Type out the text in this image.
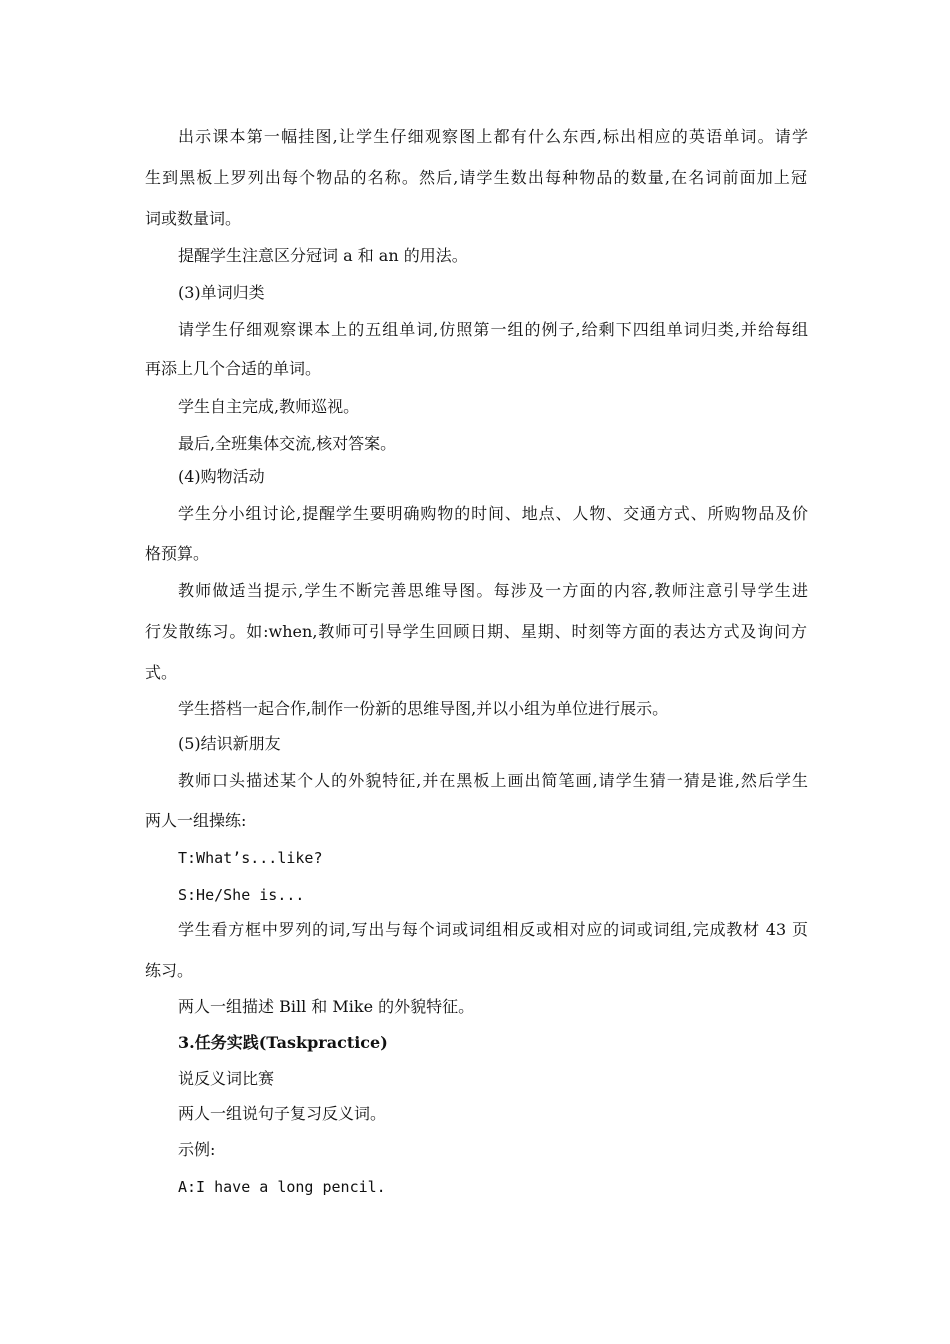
出示课本第一幅挂图,让学生仔细观察图上都有什么东西,标出相应的英语单词。请学
生到黑板上罗列出每个物品的名称。然后,请学生数出每种物品的数量,在名词前面加上冠
词或数量词。
提醒学生注意区分冠词 a 和 an 的用法。
(3)单词归类
请学生仔细观察课本上的五组单词,仿照第一组的例子,给剩下四组单词归类,并给每组
再添上几个合适的单词。
学生自主完成,教师巡视。
最后,全班集体交流,核对答案。
(4)购物活动
学生分小组讨论,提醒学生要明确购物的时间、地点、人物、交通方式、所购物品及价
格预算。
教师做适当提示,学生不断完善思维导图。每涉及一方面的内容,教师注意引导学生进
行发散练习。如:when,教师可引导学生回顾日期、星期、时刻等方面的表达方式及询问方
式。
学生搭档一起合作,制作一份新的思维导图,并以小组为单位进行展示。
(5)结识新朋友
教师口头描述某个人的外貌特征,并在黑板上画出简笔画,请学生猜一猜是谁,然后学生
两人一组操练:
T:What’s...like?
S:He/She is...
学生看方框中罗列的词,写出与每个词或词组相反或相对应的词或词组,完成教材 43 页
练习。
两人一组描述 Bill 和 Mike 的外貌特征。
3.任务实践(Taskpractice)
说反义词比赛
两人一组说句子复习反义词。
示例:
A:I have a long pencil.
